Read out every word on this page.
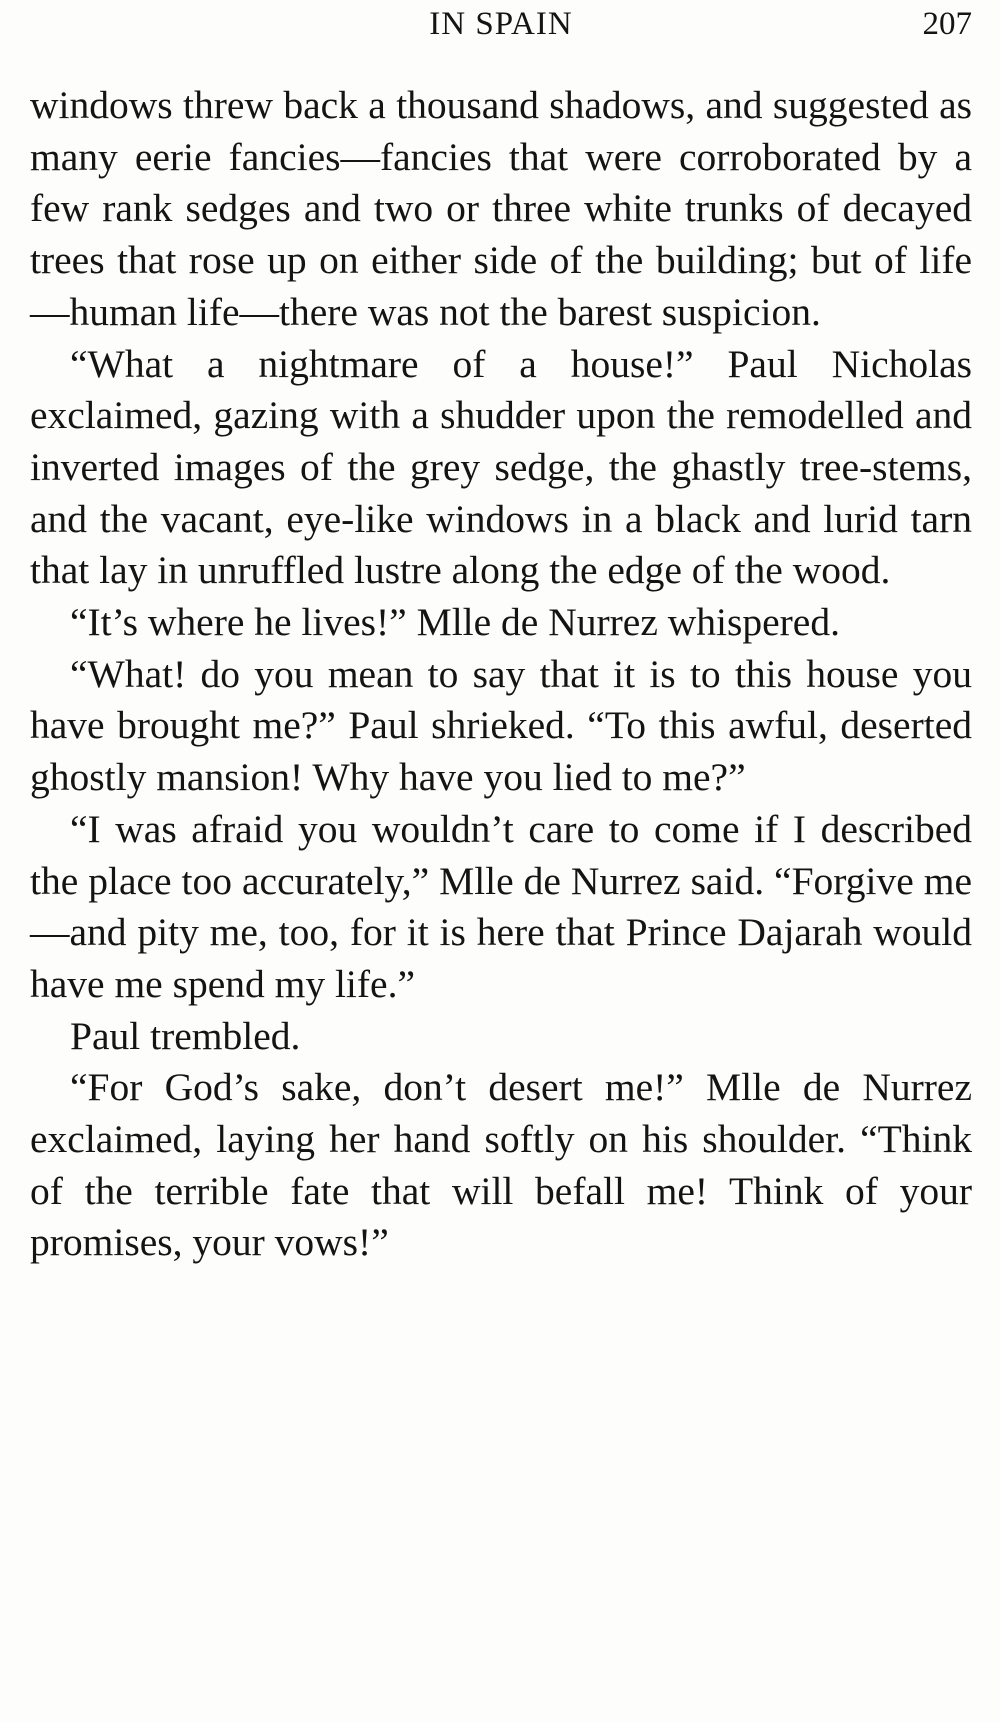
IN SPAIN	207

windows threw back a thousand shadows, and suggested as many eerie fancies—fancies that were corroborated by a few rank sedges and two or three white trunks of decayed trees that rose up on either side of the building; but of life—human life—there was not the barest suspicion.

“What a nightmare of a house!” Paul Nicholas exclaimed, gazing with a shudder upon the remodelled and inverted images of the grey sedge, the ghastly tree-stems, and the vacant, eye-like windows in a black and lurid tarn that lay in unruffled lustre along the edge of the wood.

“It’s where he lives!” Mlle de Nurrez whispered.

“What! do you mean to say that it is to this house you have brought me?” Paul shrieked. “To this awful, deserted ghostly mansion! Why have you lied to me?”

“I was afraid you wouldn’t care to come if I described the place too accurately,” Mlle de Nurrez said. “Forgive me—and pity me, too, for it is here that Prince Dajarah would have me spend my life.”

Paul trembled.

“For God’s sake, don’t desert me!” Mlle de Nurrez exclaimed, laying her hand softly on his shoulder. “Think of the terrible fate that will befall me! Think of your promises, your vows!”
